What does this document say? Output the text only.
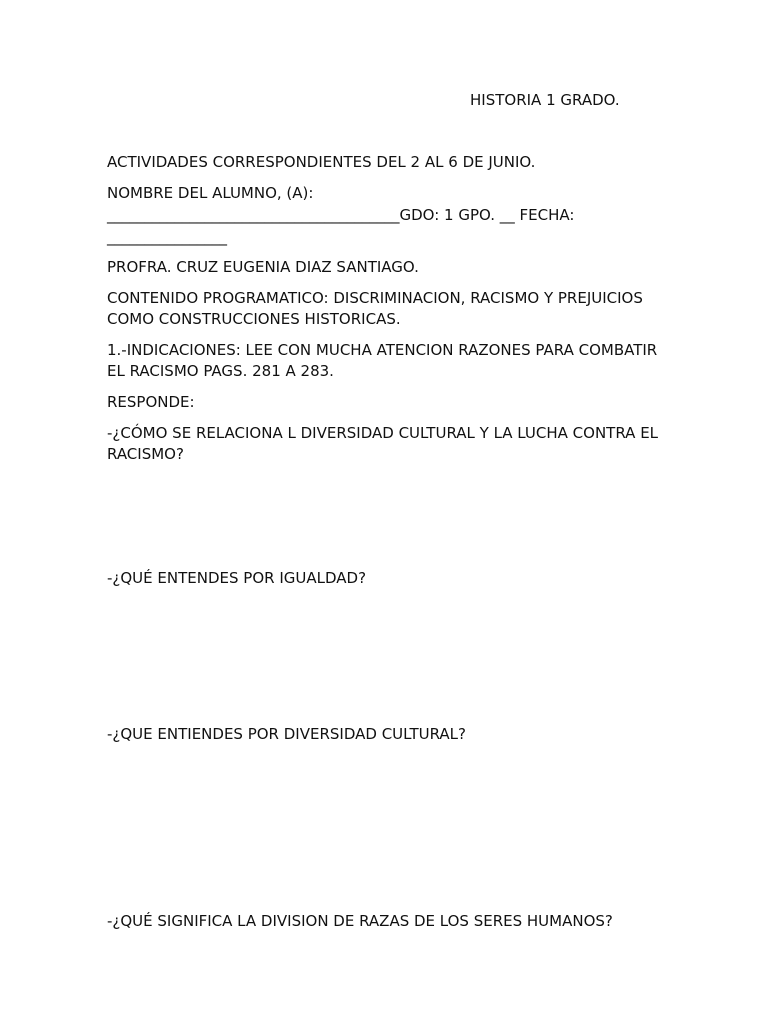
HISTORIA 1 GRADO.

ACTIVIDADES CORRESPONDIENTES DEL 2 AL 6 DE JUNIO.

NOMBRE DEL ALUMNO, (A):

_______________________________________GDO: 1 GPO. __ FECHA:

________________

PROFRA. CRUZ EUGENIA DIAZ SANTIAGO.

CONTENIDO PROGRAMATICO: DISCRIMINACION, RACISMO Y PREJUICIOS

COMO CONSTRUCCIONES HISTORICAS.

1.-INDICACIONES: LEE CON MUCHA ATENCION RAZONES PARA COMBATIR

EL RACISMO PAGS. 281 A 283.

RESPONDE:

-¿CÓMO SE RELACIONA L DIVERSIDAD CULTURAL Y LA LUCHA CONTRA EL

RACISMO?

-¿QUÉ ENTENDES POR IGUALDAD?

-¿QUE ENTIENDES POR DIVERSIDAD CULTURAL?

-¿QUÉ SIGNIFICA LA DIVISION DE RAZAS DE LOS SERES HUMANOS?
